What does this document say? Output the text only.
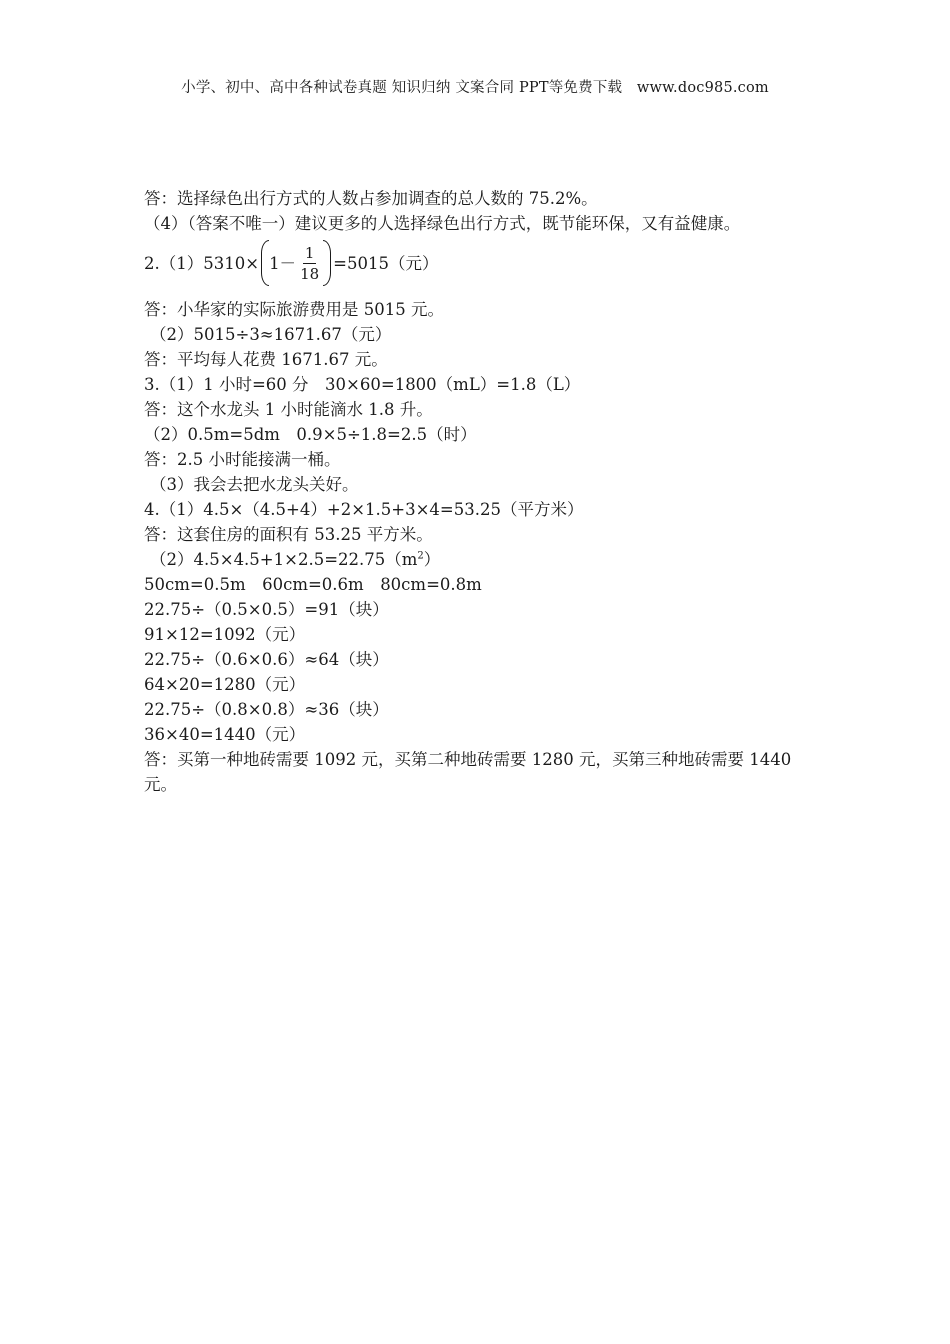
小学、初中、高中各种试卷真题 知识归纳 文案合同 PPT等免费下载　www.doc985.com
答：选择绿色出行方式的人数占参加调查的总人数的 75.2%。
（4）（答案不唯一）建议更多的人选择绿色出行方式，既节能环保，又有益健康。
$2.(1)5310\times 1- \frac{1}{18} =5015$（元）
答：小华家的实际旅游费用是 5015 元。
（2）5015÷3≈1671.67（元）
答：平均每人花费 1671.67 元。
3.（1）1 小时=60 分　30×60=1800（mL）=1.8（L）
答：这个水龙头 1 小时能滴水 1.8 升。
（2）0.5m=5dm　0.9×5÷1.8=2.5（时）
答：2.5 小时能接满一桶。
（3）我会去把水龙头关好。
4.（1）4.5×（4.5+4）+2×1.5+3×4=53.25（平方米）
答：这套住房的面积有 53.25 平方米。
$(2)4.5\times 4.5+1\times 2.5=22.75(m^2)$
50cm=0.5m　60cm=0.6m　80cm=0.8m
22.75÷（0.5×0.5）=91（块）
91×12=1092（元）
22.75÷（0.6×0.6）≈64（块）
64×20=1280（元）
22.75÷（0.8×0.8）≈36（块）
36×40=1440（元）
答：买第一种地砖需要 1092 元，买第二种地砖需要 1280 元，买第三种地砖需要 1440 元。
